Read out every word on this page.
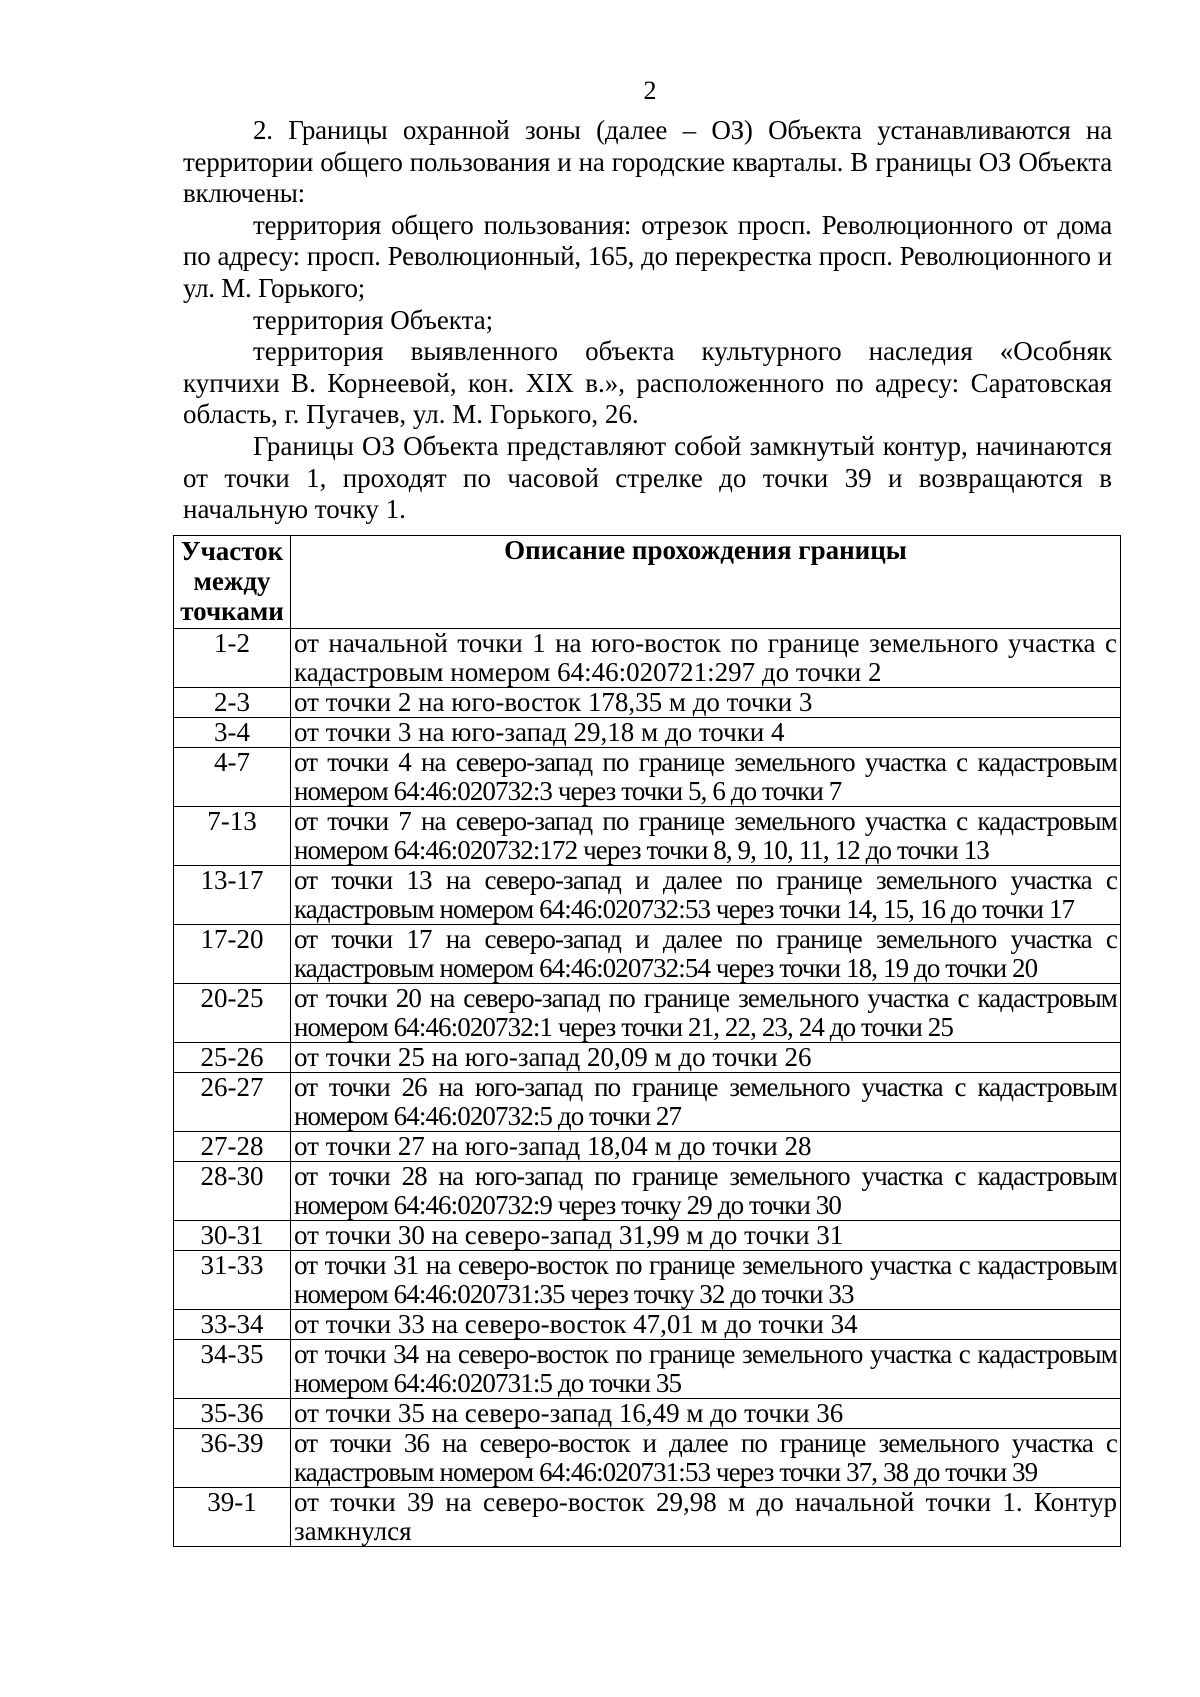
2

2. Границы охранной зоны (далее – ОЗ) Объекта устанавливаются на территории общего пользования и на городские кварталы. В границы ОЗ Объекта включены:

территория общего пользования: отрезок просп. Революционного от дома по адресу: просп. Революционный, 165, до перекрестка просп. Революционного и ул. М. Горького;

территория Объекта;

территория выявленного объекта культурного наследия «Особняк купчихи В. Корнеевой, кон. XIX в.», расположенного по адресу: Саратовская область, г. Пугачев, ул. М. Горького, 26.

Границы ОЗ Объекта представляют собой замкнутый контур, начинаются от точки 1, проходят по часовой стрелке до точки 39 и возвращаются в начальную точку 1.

Участок между точками	Описание прохождения границы
1-2	от начальной точки 1 на юго-восток по границе земельного участка с кадастровым номером 64:46:020721:297 до точки 2
2-3	от точки 2 на юго-восток 178,35 м до точки 3
3-4	от точки 3 на юго-запад 29,18 м до точки 4
4-7	от точки 4 на северо-запад по границе земельного участка с кадастровым номером 64:46:020732:3 через точки 5, 6 до точки 7
7-13	от точки 7 на северо-запад по границе земельного участка с кадастровым номером 64:46:020732:172 через точки 8, 9, 10, 11, 12 до точки 13
13-17	от точки 13 на северо-запад и далее по границе земельного участка с кадастровым номером 64:46:020732:53 через точки 14, 15, 16 до точки 17
17-20	от точки 17 на северо-запад и далее по границе земельного участка с кадастровым номером 64:46:020732:54 через точки 18, 19 до точки 20
20-25	от точки 20 на северо-запад по границе земельного участка с кадастровым номером 64:46:020732:1 через точки 21, 22, 23, 24 до точки 25
25-26	от точки 25 на юго-запад 20,09 м до точки 26
26-27	от точки 26 на юго-запад по границе земельного участка с кадастровым номером 64:46:020732:5 до точки 27
27-28	от точки 27 на юго-запад 18,04 м до точки 28
28-30	от точки 28 на юго-запад по границе земельного участка с кадастровым номером 64:46:020732:9 через точку 29 до точки 30
30-31	от точки 30 на северо-запад 31,99 м до точки 31
31-33	от точки 31 на северо-восток по границе земельного участка с кадастровым номером 64:46:020731:35 через точку 32 до точки 33
33-34	от точки 33 на северо-восток 47,01 м до точки 34
34-35	от точки 34 на северо-восток по границе земельного участка с кадастровым номером 64:46:020731:5 до точки 35
35-36	от точки 35 на северо-запад 16,49 м до точки 36
36-39	от точки 36 на северо-восток и далее по границе земельного участка с кадастровым номером 64:46:020731:53 через точки 37, 38 до точки 39
39-1	от точки 39 на северо-восток 29,98 м до начальной точки 1. Контур замкнулся
